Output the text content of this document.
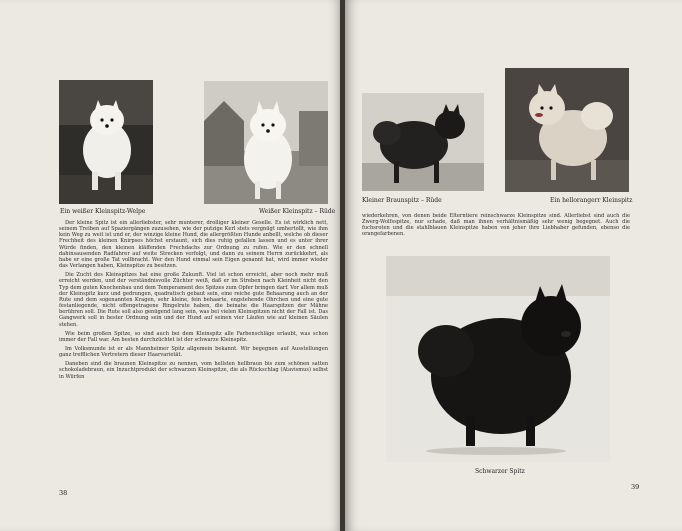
Ein weißer Kleinspitz-Welpe	Weißer Kleinspitz – Rüde

Der kleine Spitz ist ein allerliebster, sehr munterer, drolliger kleiner Geselle. Es ist wirklich nett, seinem Treiben auf Spaziergängen zuzusehen, wie der putzige Kerl stets vergnügt umhertollt, wie ihm kein Weg zu weit ist und er, der winzige kleine Hund, die allergrößten Hunde anbellt, welche ob dieser Frechheit des kleinen Knirpses höchst erstaunt, sich dies ruhig gefallen lassen und es unter ihrer Würde finden, den kleinen kläffenden Frechdachs zur Ordnung zu rufen. Wie er den schnell dahinsausenden Radfahrer auf weite Strecken verfolgt, und dann zu seinem Herrn zurückkehrt, als habe er eine große Tat vollbracht. Wer den Hund einmal sein Eigen genannt hat, wird immer wieder das Verlangen haben, Kleinspitze zu besitzen.

Die Zucht des Kleinspitzes hat eine große Zukunft. Viel ist schon erreicht, aber noch mehr muß erreicht werden, und der verständnisvolle Züchter weiß, daß er im Streben nach Kleinheit nicht den Typ dem guten Knochenbau und dem Temperament des Spitzes zum Opfer bringen darf. Vor allem muß der Kleinspitz kurz und gedrungen, quadratisch gebaut sein, eine reiche gute Behaarung auch an der Rute und dem sogenannten Kragen, sehr kleine, fein behaarte, engstehende Ohrchen und eine gute festanliegende, nicht offengetragene Ringelrute haben, die beinahe die Haarspitzen der Mähne berühren soll. Die Rute soll also genügend lang sein, was bei vielen Kleinspitzen nicht der Fall ist. Das Gangwerk soll in bester Ordnung sein und der Hund auf seinen vier Läufen wie auf kleinen Säulen stehen.

Wie beim großen Spitze, so sind auch bei dem Kleinspitz alle Farbenschläge erlaubt, was schon immer der Fall war. Am besten durchzüchtet ist der schwarze Kleinspitz.

Im Volksmunde ist er als Mannheimer Spitz allgemein bekannt. Wir begegnen auf Ausstellungen ganz trefflichen Vertretern dieser Haarvarietät.

Daneben sind die braunen Kleinspitze zu nennen, vom hellsten hellbraun bis zum schönen satten schokoladebraun, ein Inzuchtprodukt der schwarzen Kleinspitze, die als Rückschlag (Atavismus) selbst in Würfen

38
Kleiner Braunspitz – Rüde	Ein hellorangerr Kleinspitz

wiederkehren, von denen beide Elterntiere reinschwarze Kleinspitze sind. Allerliebst sind auch die Zwerg-Wolfsspitze, nur schade, daß man ihnen verhältnismäßig sehr wenig begegnet. Auch die fuchsroten und die stahlblauen Kleinspitze haben von jeher ihre Liebhaber gefunden, ebenso die orangefarbenen.

Schwarzer Spitz
39
